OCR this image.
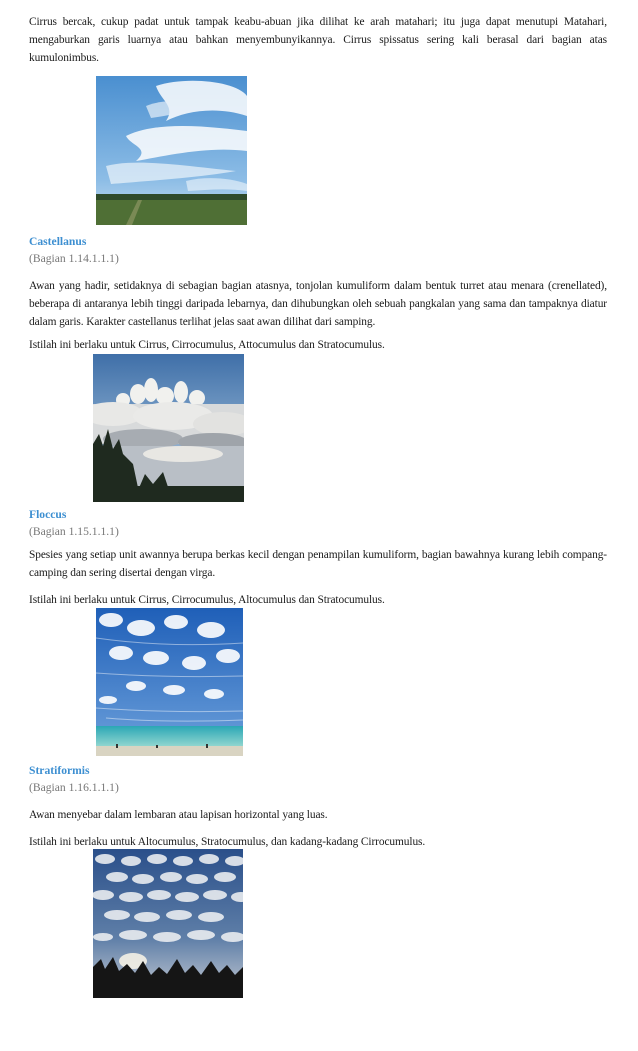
Cirrus bercak, cukup padat untuk tampak keabu-abuan jika dilihat ke arah matahari; itu juga dapat menutupi Matahari, mengaburkan garis luarnya atau bahkan menyembunyikannya. Cirrus spissatus sering kali berasal dari bagian atas kumulonimbus.

Castellanus

(Bagian 1.14.1.1.1)

Awan yang hadir, setidaknya di sebagian bagian atasnya, tonjolan kumuliform dalam bentuk turret atau menara (crenellated), beberapa di antaranya lebih tinggi daripada lebarnya, dan dihubungkan oleh sebuah pangkalan yang sama dan tampaknya diatur dalam garis. Karakter castellanus terlihat jelas saat awan dilihat dari samping.

Istilah ini berlaku untuk Cirrus, Cirrocumulus, Attocumulus dan Stratocumulus.

Floccus

(Bagian 1.15.1.1.1)

Spesies yang setiap unit awannya berupa berkas kecil dengan penampilan kumuliform, bagian bawahnya kurang lebih compang-camping dan sering disertai dengan virga.

Istilah ini berlaku untuk Cirrus, Cirrocumulus, Altocumulus dan Stratocumulus.

Stratiformis

(Bagian 1.16.1.1.1)

Awan menyebar dalam lembaran atau lapisan horizontal yang luas.

Istilah ini berlaku untuk Altocumulus, Stratocumulus, dan kadang-kadang Cirrocumulus.
